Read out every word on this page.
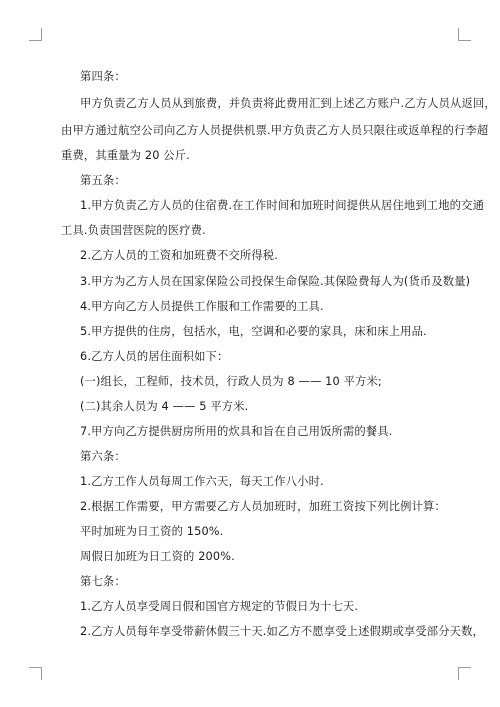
第四条：
甲方负责乙方人员从到旅费，并负责将此费用汇到上述乙方账户.乙方人员从返回，
由甲方通过航空公司向乙方人员提供机票.甲方负责乙方人员只限往或返单程的行李超
重费，其重量为 20 公斤.
第五条：
1.甲方负责乙方人员的住宿费.在工作时间和加班时间提供从居住地到工地的交通
工具.负责国营医院的医疗费.
2.乙方人员的工资和加班费不交所得税.
3.甲方为乙方人员在国家保险公司投保生命保险.其保险费每人为(货币及数量)
4.甲方向乙方人员提供工作服和工作需要的工具.
5.甲方提供的住房，包括水，电，空调和必要的家具，床和床上用品.
6.乙方人员的居住面积如下：
(一)组长，工程师，技术员，行政人员为 8 —— 10 平方米;
(二)其余人员为 4 —— 5 平方米.
7.甲方向乙方提供厨房所用的炊具和旨在自己用饭所需的餐具.
第六条：
1.乙方工作人员每周工作六天，每天工作八小时.
2.根据工作需要，甲方需要乙方人员加班时，加班工资按下列比例计算：
平时加班为日工资的 150%.
周假日加班为日工资的 200%.
第七条：
1.乙方人员享受周日假和国官方规定的节假日为十七天.
2.乙方人员每年享受带薪休假三十天.如乙方不愿享受上述假期或享受部分天数，
